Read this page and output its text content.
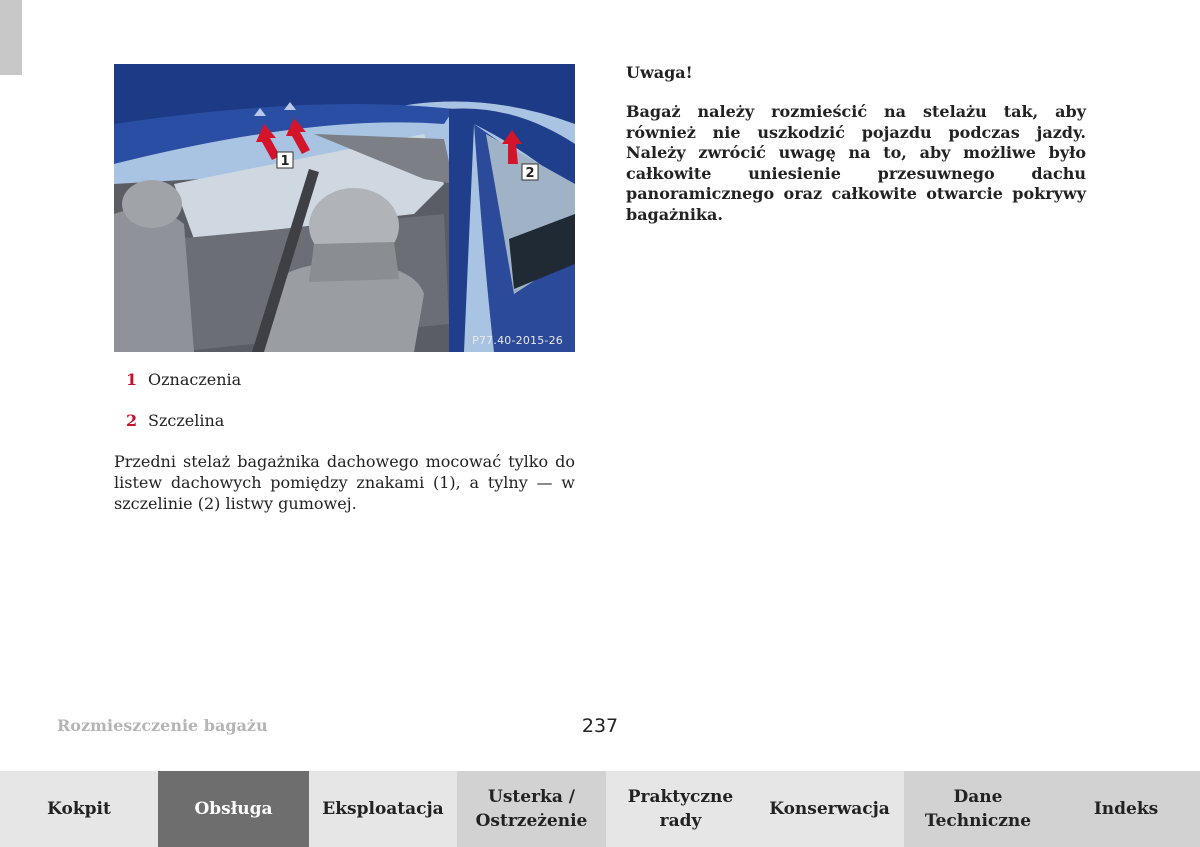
1
2
P77.40-2015-26
1 Oznaczenia
2 Szczelina
Przedni stelaż bagażnika dachowego mocować tylko do listew dachowych pomiędzy znakami (1), a tylny — w szczelinie (2) listwy gumowej.
Uwaga!
Bagaż należy rozmieścić na stelażu tak, aby również nie uszkodzić pojazdu podczas jazdy. Należy zwrócić uwagę na to, aby możliwe było całkowite uniesienie przesuwnego dachu panoramicznego oraz całkowite otwarcie pokrywy bagażnika.
Rozmieszczenie bagażu	237
Kokpit	Obsługa	Eksploatacja
Usterka /
Ostrzeżenie
Praktyczne
rady
Konserwacja
Dane
Techniczne
Indeks
